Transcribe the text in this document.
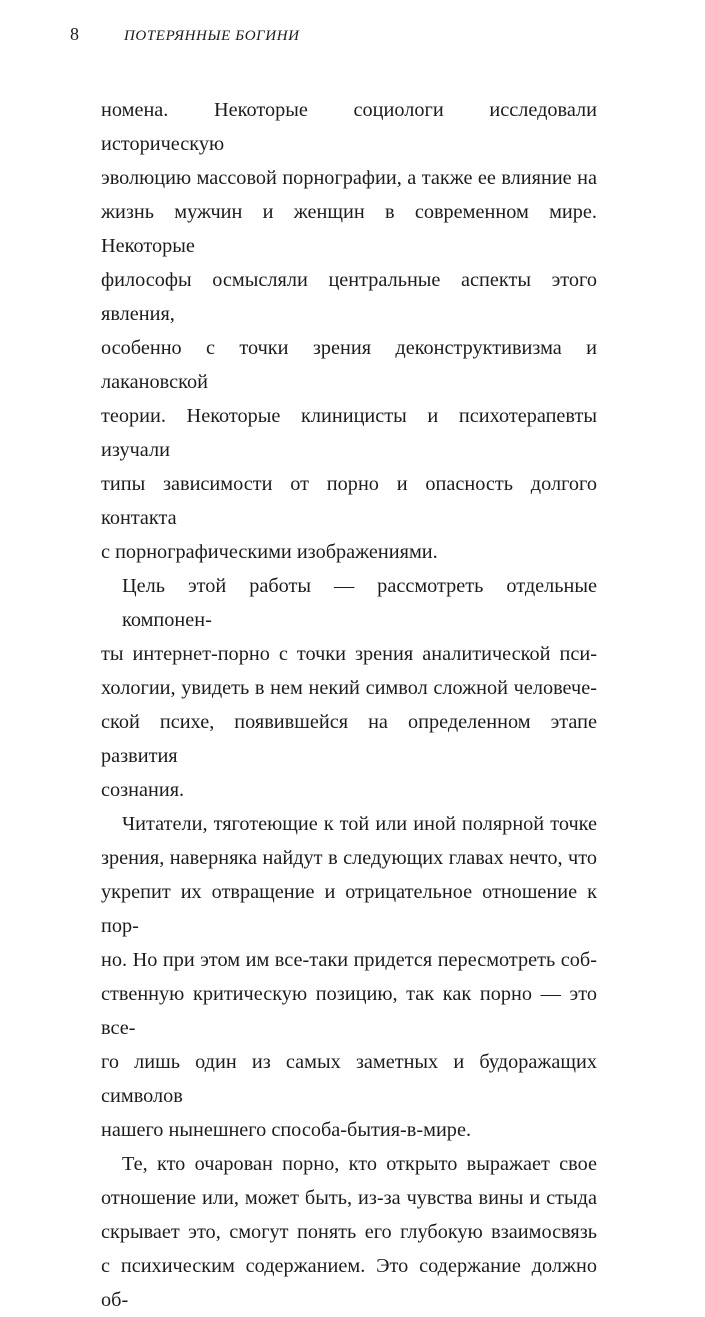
8	ПОТЕРЯННЫЕ БОГИНИ

номена. Некоторые социологи исследовали историческую

эволюцию массовой порнографии, а также ее влияние на

жизнь мужчин и женщин в современном мире. Некоторые

философы осмысляли центральные аспекты этого явления,

особенно с точки зрения деконструктивизма и лакановской

теории. Некоторые клиницисты и психотерапевты изучали

типы зависимости от порно и опасность долгого контакта

с порнографическими изображениями.

Цель этой работы — рассмотреть отдельные компонен-

ты интернет-порно с точки зрения аналитической пси-

хологии, увидеть в нем некий символ сложной человече-

ской психе, появившейся на определенном этапе развития

сознания.

Читатели, тяготеющие к той или иной полярной точке

зрения, наверняка найдут в следующих главах нечто, что

укрепит их отвращение и отрицательное отношение к пор-

но. Но при этом им все-таки придется пересмотреть соб-

ственную критическую позицию, так как порно — это все-

го лишь один из самых заметных и будоражащих символов

нашего нынешнего способа-бытия-в-мире.

Те, кто очарован порно, кто открыто выражает свое

отношение или, может быть, из-за чувства вины и стыда

скрывает это, смогут понять его глубокую взаимосвязь

с психическим содержанием. Это содержание должно об-
